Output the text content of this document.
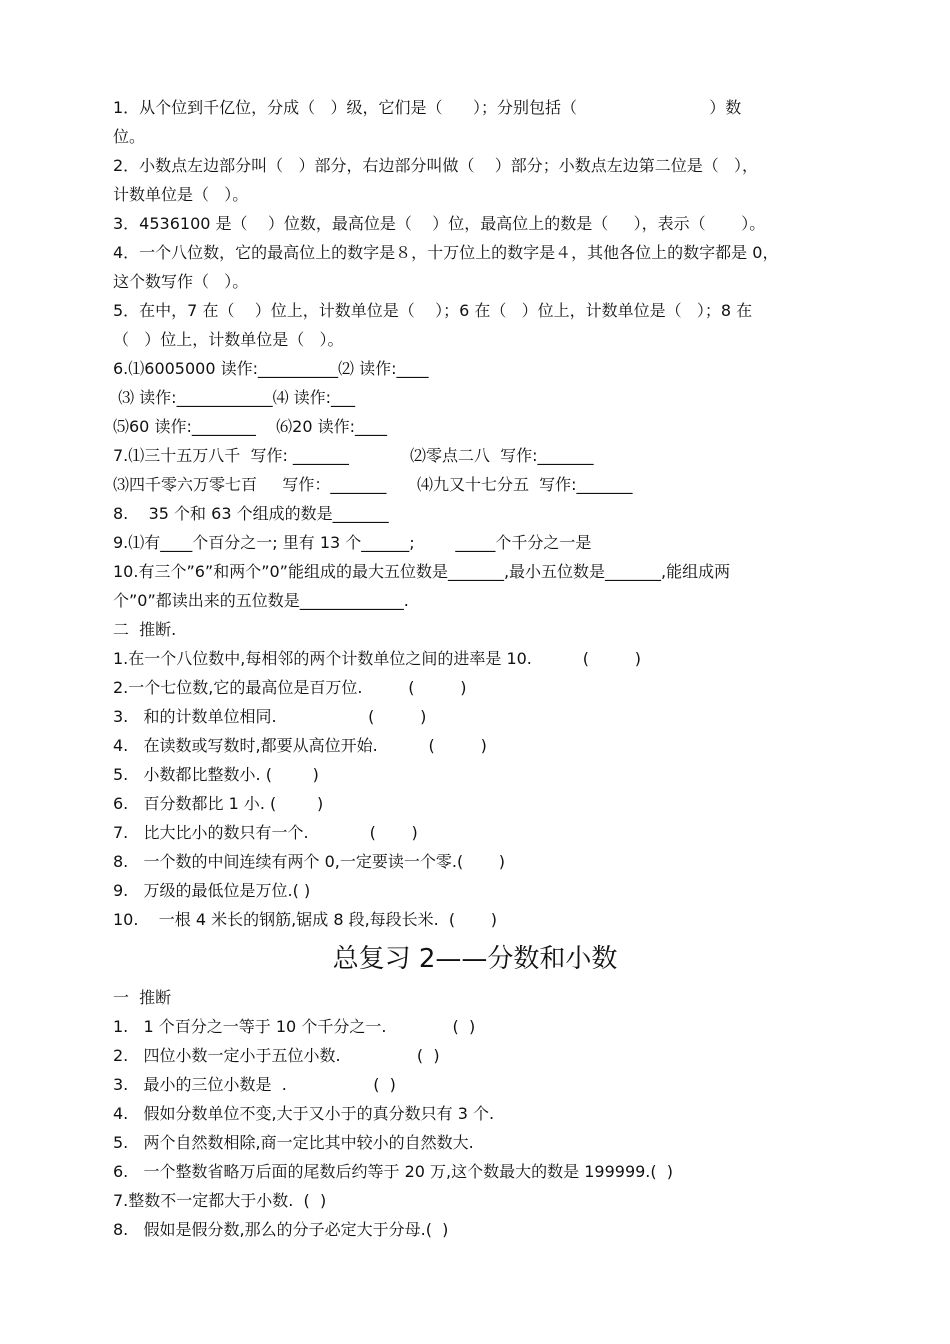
1．从个位到千亿位，分成（   ）级，它们是（      ）；分别包括（                          ）数
位。
2．小数点左边部分叫（   ）部分，右边部分叫做（    ）部分；小数点左边第二位是（   ），
计数单位是（   ）。
3．4536100 是（    ）位数，最高位是（    ）位，最高位上的数是（     ），表示（       ）。
4．一个八位数，它的最高位上的数字是８，十万位上的数字是４，其他各位上的数字都是 0，
这个数写作（   ）。
5．在中，7 在（    ）位上，计数单位是（    ）；6 在（   ）位上，计数单位是（   ）；8 在
（   ）位上，计数单位是（   ）。
6.⑴6005000 读作:__________⑵ 读作:____
⑶ 读作:____________⑷ 读作:___
⑸60 读作:________    ⑹20 读作:____
7.⑴三十五万八千  写作: _______            ⑵零点二八  写作:_______
⑶四千零六万零七百     写作：_______      ⑷九又十七分五  写作:_______
8.    35 个和 63 个组成的数是_______
9.⑴有____个百分之一; 里有 13 个______;        _____个千分之一是
10.有三个”6”和两个”0”能组成的最大五位数是_______,最小五位数是_______,能组成两
个”0”都读出来的五位数是_____________.
二  推断.
1.在一个八位数中,每相邻的两个计数单位之间的进率是 10.          (         )
2.一个七位数,它的最高位是百万位.         (         )
3.   和的计数单位相同.                  (         )
4.   在读数或写数时,都要从高位开始.          (         )
5.   小数都比整数小. (        )
6.   百分数都比 1 小. (        )
7.   比大比小的数只有一个.            (       )
8.   一个数的中间连续有两个 0,一定要读一个零.(       )
9.   万级的最低位是万位.( )
10.    一根 4 米长的钢筋,锯成 8 段,每段长米.  (       )
总复习 2——分数和小数
一  推断
1.   1 个百分之一等于 10 个千分之一.             (  )
2.   四位小数一定小于五位小数.               (  )
3.   最小的三位小数是  .                 (  )
4.   假如分数单位不变,大于又小于的真分数只有 3 个.
5.   两个自然数相除,商一定比其中较小的自然数大.
6.   一个整数省略万后面的尾数后约等于 20 万,这个数最大的数是 199999.(  )
7.整数不一定都大于小数.  (  )
8.   假如是假分数,那么的分子必定大于分母.(  )
